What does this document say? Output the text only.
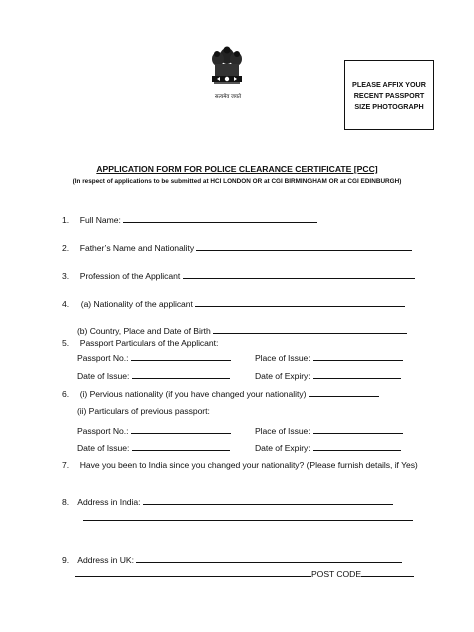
सत्यमेव जयते
PLEASE AFFIX YOUR
RECENT PASSPORT
SIZE PHOTOGRAPH
APPLICATION FORM FOR POLICE CLEARANCE CERTIFICATE [PCC]
(In respect of applications to be submitted at HCI LONDON OR at CGI BIRMINGHAM OR at CGI EDINBURGH)
1. Full Name:
2. Father’s Name and Nationality
3. Profession of the Applicant
4. (a) Nationality of the applicant
(b) Country, Place and Date of Birth
5. Passport Particulars of the Applicant:
Passport No.:	Place of Issue:
Date of Issue:	Date of Expiry:
6. (i) Pervious nationality (if you have changed your nationality)
(ii) Particulars of previous passport:
Passport No.:	Place of Issue:
Date of Issue:	Date of Expiry:
7. Have you been to India since you changed your nationality? (Please furnish details, if Yes)
8. Address in India:
9. Address in UK:
POST CODE
